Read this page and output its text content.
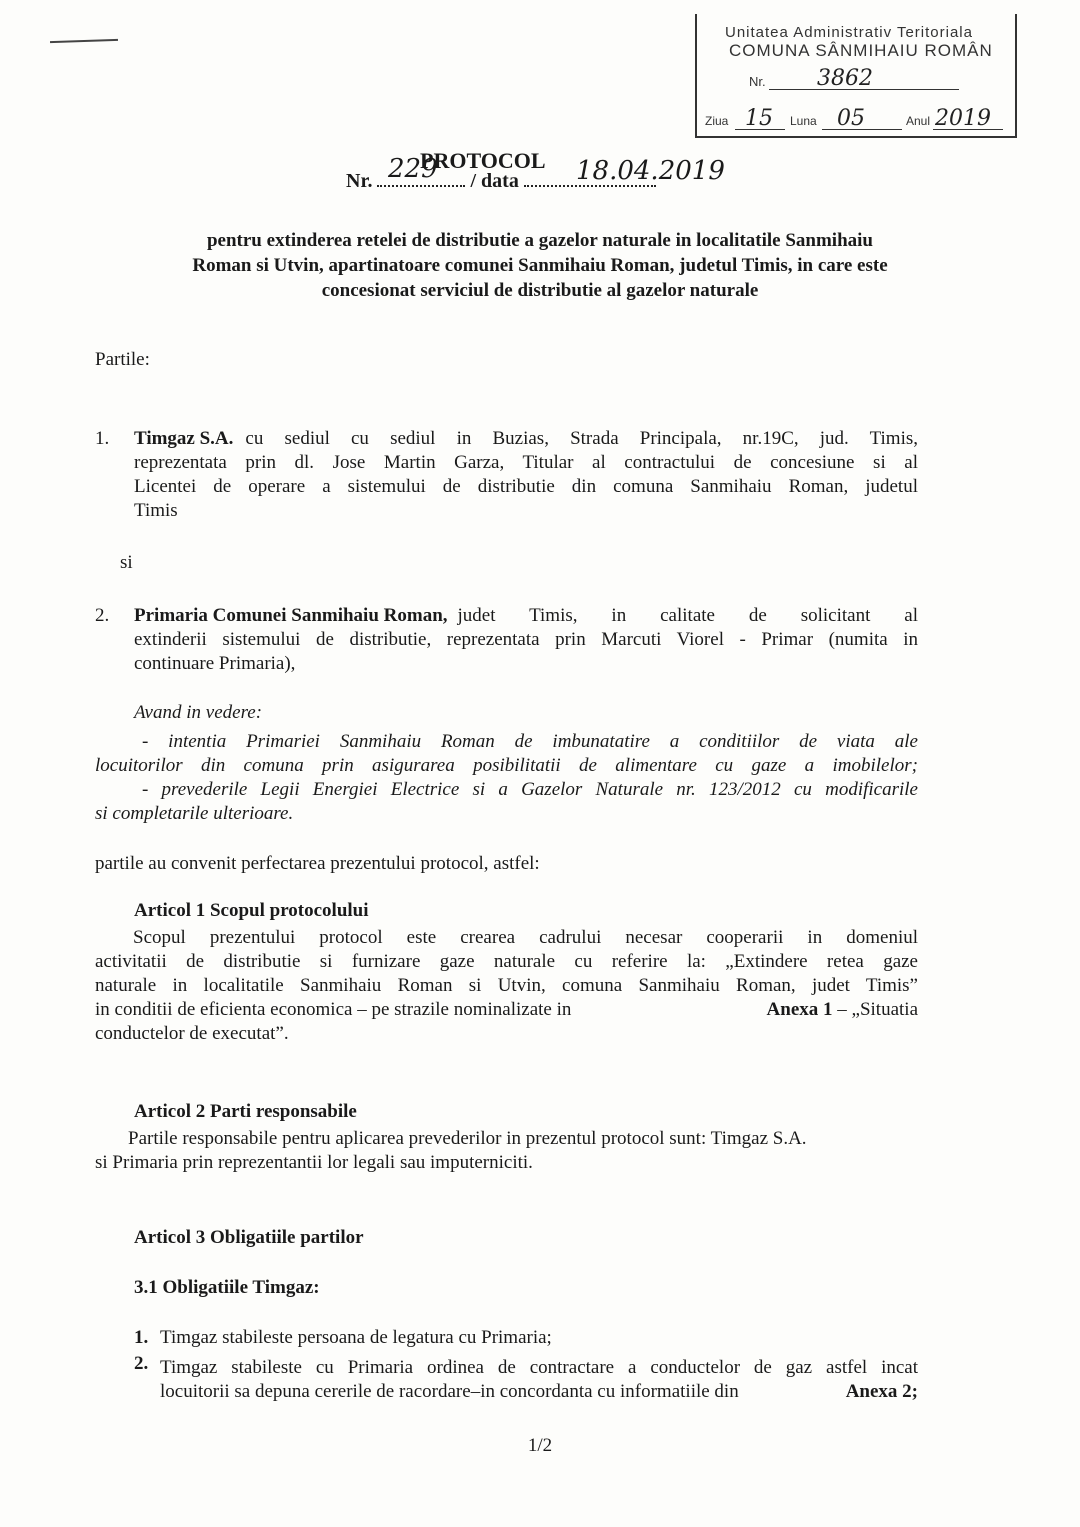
Unitatea Administrativ Teritoriala
COMUNA SÂNMIHAIU ROMÂN
Nr. 3862
Ziua 15 Luna 05	Anul 2019
PROTOCOL
Nr.	/ data
229	18.04.2019
pentru extinderea retelei de distributie a gazelor naturale in localitatile Sanmihaiu
Roman si Utvin, apartinatoare comunei Sanmihaiu Roman, judetul Timis, in care este
concesionat serviciul de distributie al gazelor naturale
Partile:
1. Timgaz S.A. cu sediul cu sediul in Buzias, Strada Principala, nr.19C, jud. Timis,
reprezentata prin dl. Jose Martin Garza, Titular al contractului de concesiune si al
Licentei de operare a sistemului de distributie din comuna Sanmihaiu Roman, judetul
Timis
si
2. Primaria Comunei Sanmihaiu Roman, judet Timis, in calitate de solicitant al
extinderii sistemului de distributie, reprezentata prin Marcuti Viorel - Primar (numita in
continuare Primaria),
Avand in vedere:
- intentia Primariei Sanmihaiu Roman de imbunatatire a conditiilor de viata ale
locuitorilor din comuna prin asigurarea posibilitatii de alimentare cu gaze a imobilelor;
- prevederile Legii Energiei Electrice si a Gazelor Naturale nr. 123/2012 cu modificarile
si completarile ulterioare.
partile au convenit perfectarea prezentului protocol, astfel:
Articol 1 Scopul protocolului
Scopul prezentului protocol este crearea cadrului necesar cooperarii in domeniul
activitatii de distributie si furnizare gaze naturale cu referire la: „Extindere retea gaze
naturale in localitatile Sanmihaiu Roman si Utvin, comuna Sanmihaiu Roman, judet Timis”
in conditii de eficienta economica – pe strazile nominalizate in	Anexa 1 – „Situatia
conductelor de executat”.
Articol 2 Parti responsabile
Partile responsabile pentru aplicarea prevederilor in prezentul protocol sunt: Timgaz S.A.
si Primaria prin reprezentantii lor legali sau imputerniciti.
Articol 3 Obligatiile partilor
3.1 Obligatiile Timgaz:
1. Timgaz stabileste persoana de legatura cu Primaria;
2. Timgaz stabileste cu Primaria ordinea de contractare a conductelor de gaz astfel incat
locuitorii sa depuna cererile de racordare–in concordanta cu informatiile din	Anexa 2;
1/2
